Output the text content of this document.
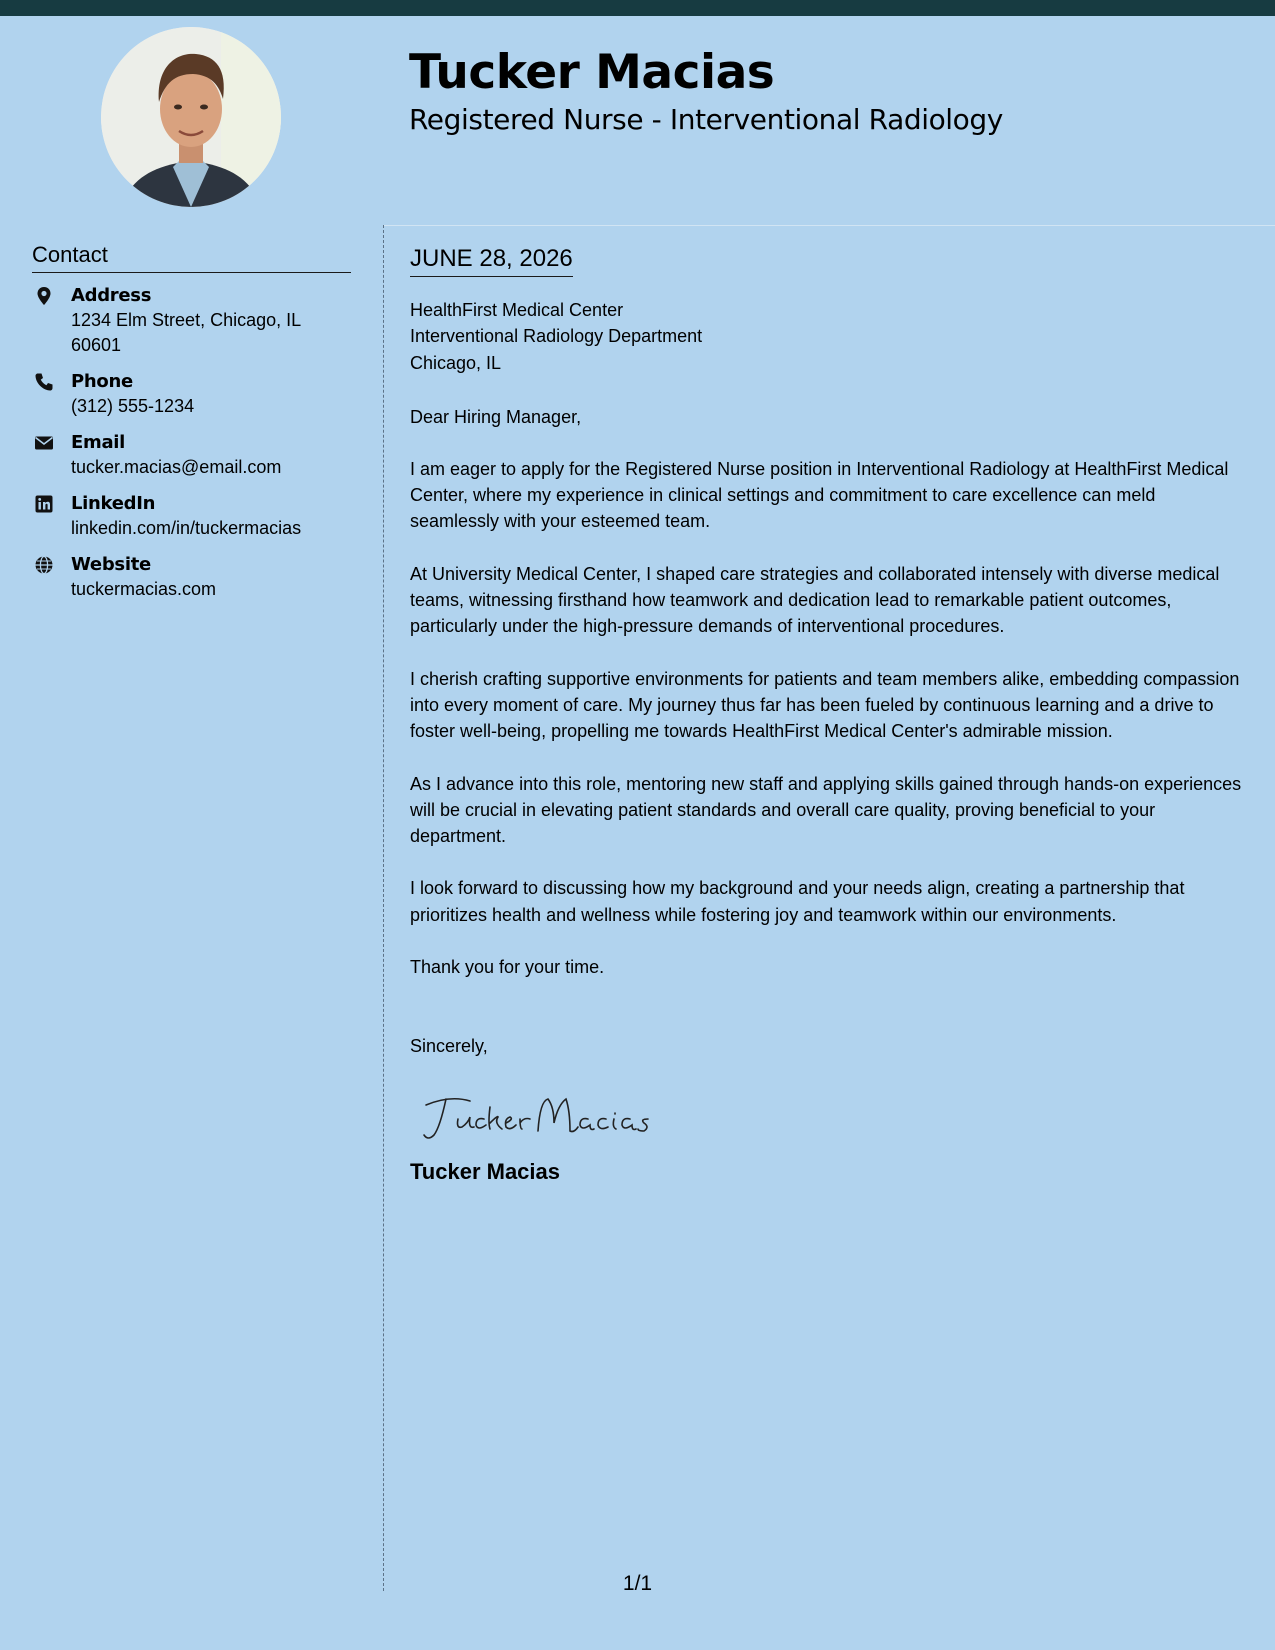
Tucker Macias
Registered Nurse - Interventional Radiology
Contact
Address
1234 Elm Street, Chicago, IL 60601
Phone
(312) 555-1234
Email
tucker.macias@email.com
LinkedIn
linkedin.com/in/tuckermacias
Website
tuckermacias.com
JUNE 28, 2026
HealthFirst Medical Center
Interventional Radiology Department
Chicago, IL
Dear Hiring Manager,
I am eager to apply for the Registered Nurse position in Interventional Radiology at HealthFirst Medical Center, where my experience in clinical settings and commitment to care excellence can meld seamlessly with your esteemed team.
At University Medical Center, I shaped care strategies and collaborated intensely with diverse medical teams, witnessing firsthand how teamwork and dedication lead to remarkable patient outcomes, particularly under the high-pressure demands of interventional procedures.
I cherish crafting supportive environments for patients and team members alike, embedding compassion into every moment of care. My journey thus far has been fueled by continuous learning and a drive to foster well-being, propelling me towards HealthFirst Medical Center's admirable mission.
As I advance into this role, mentoring new staff and applying skills gained through hands-on experiences will be crucial in elevating patient standards and overall care quality, proving beneficial to your department.
I look forward to discussing how my background and your needs align, creating a partnership that prioritizes health and wellness while fostering joy and teamwork within our environments.
Thank you for your time.
Sincerely,
Tucker Macias
1/1
